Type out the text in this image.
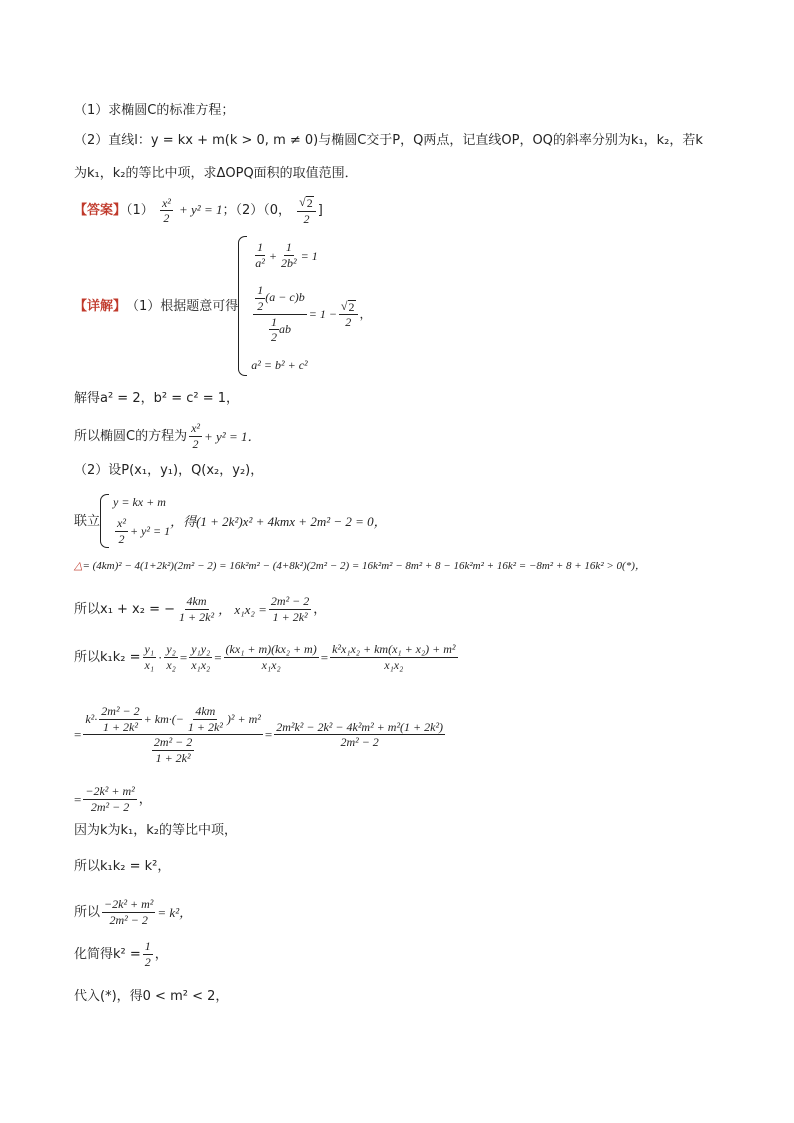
（1）求椭圆C的标准方程；
（2）直线l：y = kx + m(k > 0, m ≠ 0)与椭圆C交于P，Q两点，记直线OP，OQ的斜率分别为k₁，k₂，若k
为k₁，k₂的等比中项，求ΔOPQ面积的取值范围．
【答案】$(1) \frac{\text{x²}}{2} + y^2 = 1$；（2）（0， $\frac{√ 2}{2}$ ]
【详解】 （1）根据题意可得
$\frac{1}{\text{a²}} + \frac{1}{\text{2b²}} = 1$
$\frac{\frac{1}{2} (a - c)b}{\frac{1}{2} ab} = 1 - \frac{√ 2}{2}$ ，
a² = b² + c²
解得a² = 2，b² = c² = 1，
所以椭圆C的方程为 $\frac{\text{x²}}{2} + y^2 = 1$．
（2）设P(x₁，y₁)，Q(x₂，y₂)，
联立
y = kx + m
$\frac{\text{x²}}{2} + y^2 = 1$
，得(1 + 2k²)x² + 4kmx + 2m² − 2 = 0，
△= (4km)² − 4(1+2k²)(2m² − 2) = 16k²m² − (4+8k²)(2m² − 2) = 16k²m² − 8m² + 8 − 16k²m² + 16k² = −8m² + 8 + 16k² > 0(*)，
所以x₁ + x₂ = − $\frac{4km}{\text{1 + 2k²}}$ ， $x_1x_2 = \frac{\text{2m² − 2}}{\text{1 + 2k²}}$ ，
所以$k_1k_2 = \frac{\text{y₁}}{\text{x₁}} \cdot \frac{\text{y₂}}{\text{x₂}} = \frac{\text{y₁y₂}}{\text{x₁x₂}} = \frac{\text{(kx₁ + m)(kx₂ + m)}}{\text{x₁x₂}} = \frac{\text{k²x₁x₂ + km(x₁ + x₂) + m²}}{\text{x₁x₂}}$
= $\frac{k^2\cdot \frac{\text{2m² − 2}}{\text{1 + 2k²}} + km\cdot(- \frac{4km}{\text{1 + 2k²}} )^2 + m^2}{\frac{\text{2m² − 2}}{\text{1 + 2k²}}} = \frac{\text{2m²k² − 2k² − 4k²m² + m²(1 + 2k²)}}{\text{2m² − 2}}$
= $\frac{\text{−2k² + m²}}{\text{2m² − 2}}$ ，
因为k为k₁，k₂的等比中项，
所以k₁k₂ = k²，
所以 $\frac{\text{−2k² + m²}}{\text{2m² − 2}} = k^2$，
化简得$k^2 = \frac{1}{2}$ ，
代入(*)，得0 < m² < 2，
